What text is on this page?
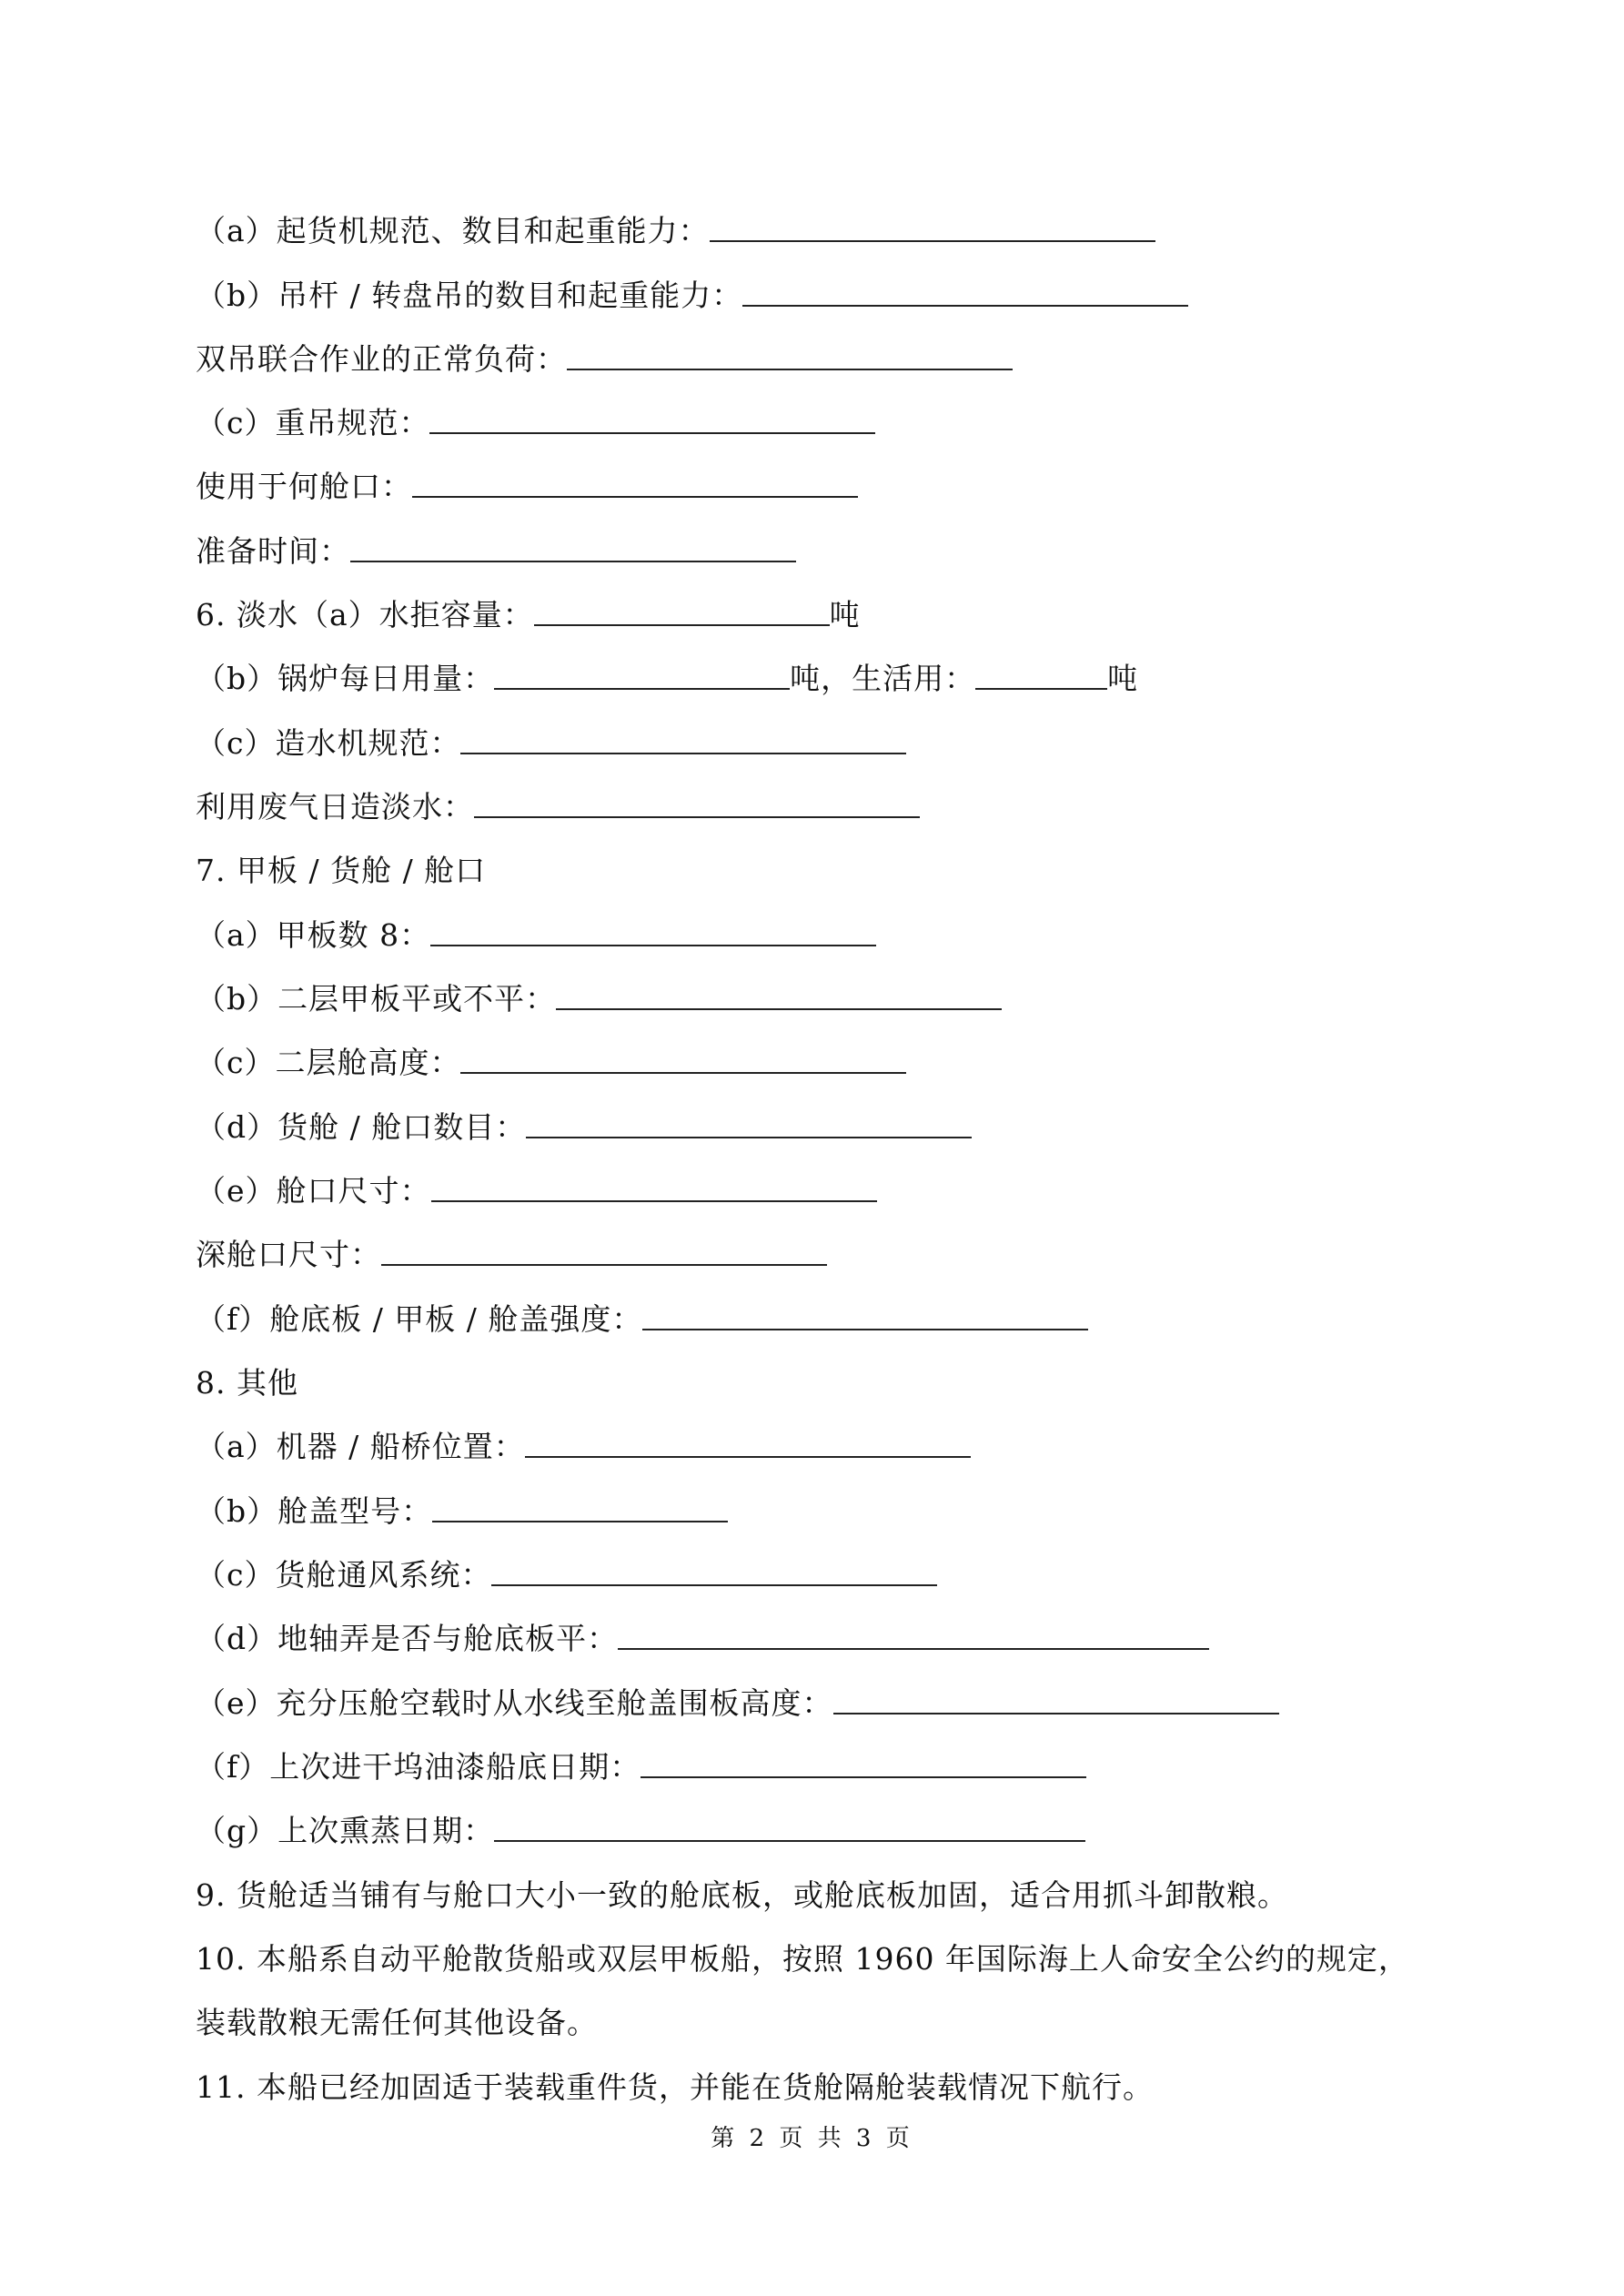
（a）起货机规范、数目和起重能力：
（b）吊杆 / 转盘吊的数目和起重能力：
双吊联合作业的正常负荷：
（c）重吊规范：
使用于何舱口：
准备时间：
6. 淡水（a）水拒容量：	吨
（b）锅炉每日用量：	吨，生活用：	吨
（c）造水机规范：
利用废气日造淡水：
7. 甲板 / 货舱 / 舱口
（a）甲板数 8：
（b）二层甲板平或不平：
（c）二层舱高度：
（d）货舱 / 舱口数目：
（e）舱口尺寸：
深舱口尺寸：
（f）舱底板 / 甲板 / 舱盖强度：
8. 其他
（a）机器 / 船桥位置：
（b）舱盖型号：
（c）货舱通风系统：
（d）地轴弄是否与舱底板平：
（e）充分压舱空载时从水线至舱盖围板高度：
（f）上次进干坞油漆船底日期：
（g）上次熏蒸日期：
9. 货舱适当铺有与舱口大小一致的舱底板，或舱底板加固，适合用抓斗卸散粮。
10. 本船系自动平舱散货船或双层甲板船，按照 1960 年国际海上人命安全公约的规定，
装载散粮无需任何其他设备。
11. 本船已经加固适于装载重件货，并能在货舱隔舱装载情况下航行。
第 2 页 共 3 页
